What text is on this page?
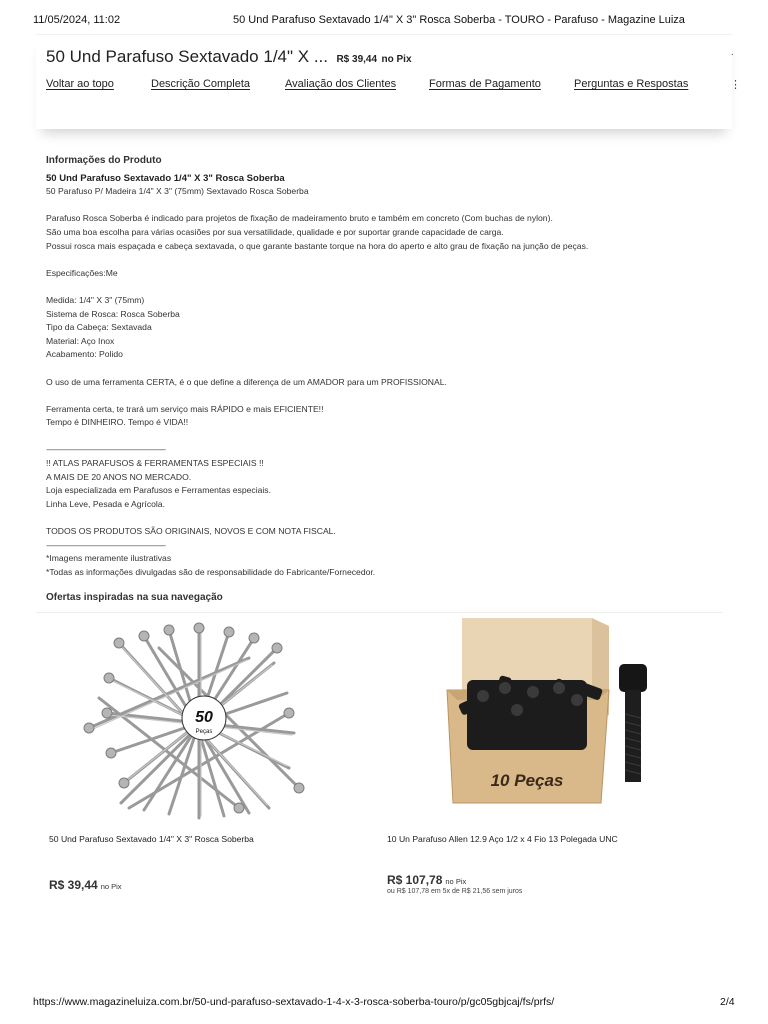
11/05/2024, 11:02	50 Und Parafuso Sextavado 1/4" X 3" Rosca Soberba - TOURO - Parafuso - Magazine Luiza
50 Und Parafuso Sextavado 1/4" X ... R$ 39,44 no Pix	·
Voltar ao topo	Descrição Completa	Avaliação dos Clientes	Formas de Pagamento	Perguntas e Respostas	⋮
Informações do Produto
50 Und Parafuso Sextavado 1/4" X 3" Rosca Soberba

50 Parafuso P/ Madeira 1/4" X 3" (75mm) Sextavado Rosca Soberba

Parafuso Rosca Soberba é indicado para projetos de fixação de madeiramento bruto e também em concreto (Com buchas de nylon).

São uma boa escolha para várias ocasiões por sua versatilidade, qualidade e por suportar grande capacidade de carga.

Possui rosca mais espaçada e cabeça sextavada, o que garante bastante torque na hora do aperto e alto grau de fixação na junção de peças.

Especificações:Me

Medida: 1/4" X 3" (75mm)

Sistema de Rosca: Rosca Soberba

Tipo da Cabeça: Sextavada

Material: Aço Inox

Acabamento: Polido

O uso de uma ferramenta CERTA, é o que define a diferença de um AMADOR para um PROFISSIONAL.

Ferramenta certa, te trará um serviço mais RÁPIDO e mais EFICIENTE!!

Tempo é DINHEIRO. Tempo é VIDA!!

----------------------------------------------------------------

!! ATLAS PARAFUSOS & FERRAMENTAS ESPECIAIS !!

A MAIS DE 20 ANOS NO MERCADO.

Loja especializada em Parafusos e Ferramentas especiais.

Linha Leve, Pesada e Agrícola.

TODOS OS PRODUTOS SÃO ORIGINAIS, NOVOS E COM NOTA FISCAL.

----------------------------------------------------------------

*Imagens meramente ilustrativas

*Todas as informações divulgadas são de responsabilidade do Fabricante/Fornecedor.

Ofertas inspiradas na sua navegação
50
Peças
50 Und Parafuso Sextavado 1/4" X 3" Rosca Soberba
R$ 39,44 no Pix
10 Peças
10 Un Parafuso Allen 12.9 Aço 1/2 x 4 Fio 13 Polegada UNC
R$ 107,78 no Pix
ou R$ 107,78 em 5x de R$ 21,56 sem juros
https://www.magazineluiza.com.br/50-und-parafuso-sextavado-1-4-x-3-rosca-soberba-touro/p/gc05gbjcaj/fs/prfs/	2/4
